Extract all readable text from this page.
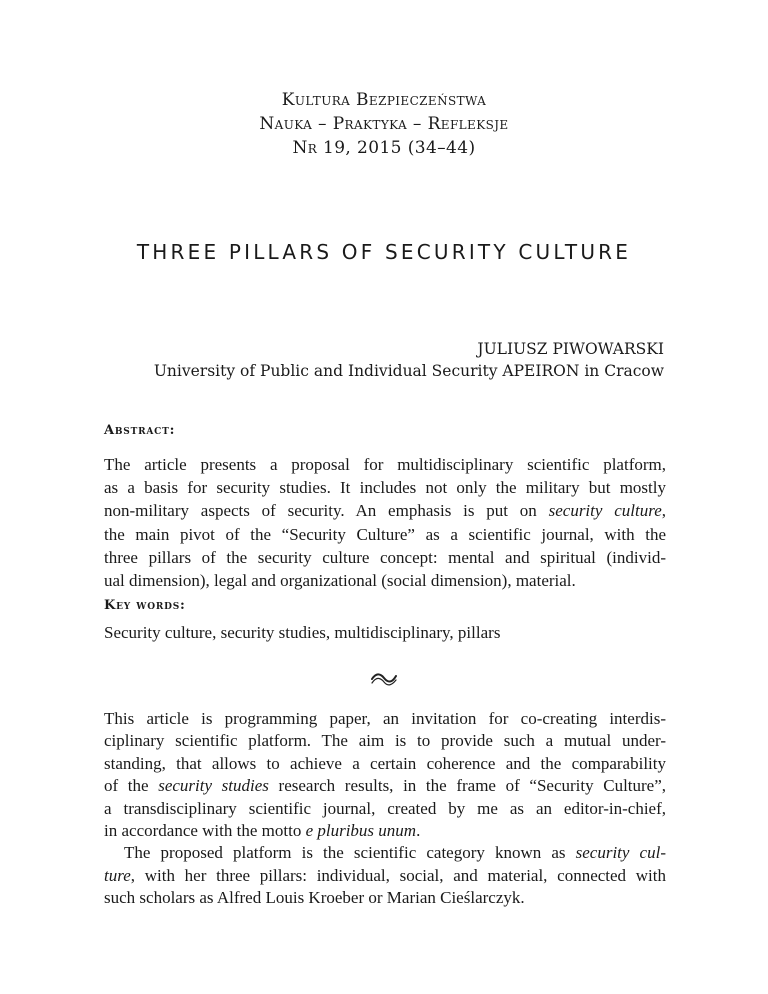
Kultura Bezpieczeństwa
Nauka – Praktyka – Refleksje
Nr 19, 2015 (34–44)
THREE PILLARS OF SECURITY CULTURE
JULIUSZ PIWOWARSKI
University of Public and Individual Security APEIRON in Cracow
Abstract:
The article presents a proposal for multidisciplinary scientific platform,
as a basis for security studies. It includes not only the military but mostly
non-military aspects of security. An emphasis is put on security culture,
the main pivot of the “Security Culture” as a scientific journal, with the
three pillars of the security culture concept: mental and spiritual (individ-
ual dimension), legal and organizational (social dimension), material.
Key words:
Security culture, security studies, multidisciplinary, pillars

This article is programming paper, an invitation for co-creating interdis-
ciplinary scientific platform. The aim is to provide such a mutual under-
standing, that allows to achieve a certain coherence and the comparability
of the security studies research results, in the frame of “Security Culture”,
a transdisciplinary scientific journal, created by me as an editor-in-chief,
in accordance with the motto e pluribus unum.

The proposed platform is the scientific category known as security cul-
ture, with her three pillars: individual, social, and material, connected with
such scholars as Alfred Louis Kroeber or Marian Cieślarczyk.
